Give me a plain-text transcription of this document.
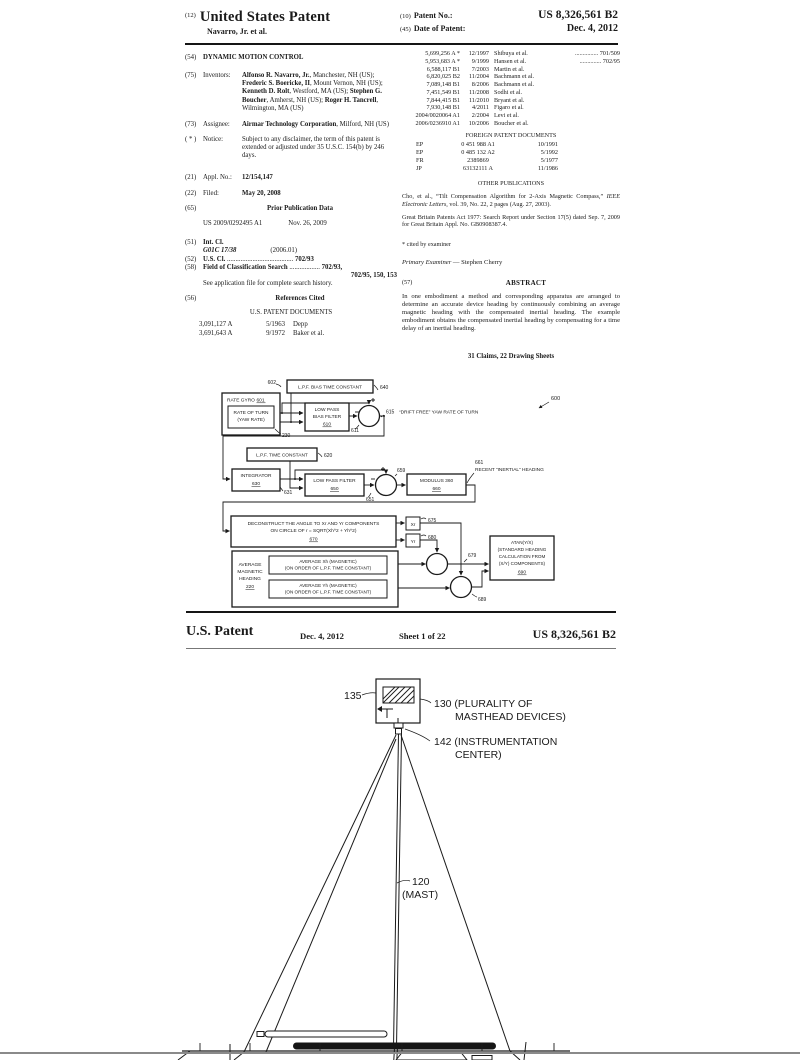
$^{(12)}$ United States Patent
Navarro, Jr. et al.
(10) Patent No.:	US 8,326,561 B2
(45) Date of Patent:	Dec. 4, 2012
(54) DYNAMIC MOTION CONTROL
(75) Inventors:	Alfonso R. Navarro, Jr., Manchester, NH (US); Frederic S. Boericke, II, Mount Vernon, NH (US); Kenneth D. Rolt, Westford, MA (US); Stephen G. Boucher, Amherst, NH (US); Roger H. Tancrell, Wilmington, MA (US)
(73) Assignee:	Airmar Technology Corporation, Milford, NH (US)
( * ) Notice:	Subject to any disclaimer, the term of this patent is extended or adjusted under 35 U.S.C. 154(b) by 246 days.
(21) Appl. No.:	12/154,147
(22) Filed:	May 20, 2008
(65)	Prior Publication Data
US 2009/0292495 A1	Nov. 26, 2009
(51) Int. Cl.
G01C 17/38	(2006.01)
(52) U.S. Cl. ....................................... 702/93
(58) Field of Classification Search .................. 702/93,
702/95, 150, 153
See application file for complete search history.
(56)	References Cited
U.S. PATENT DOCUMENTS
3,091,127 A	5/1963	Depp
3,691,643 A	9/1972	Baker et al.
5,699,256 A *	12/1997 Shibuya et al.	............... 701/509
5,953,683 A *	9/1999 Hansen et al.	.............. 702/95
6,588,117 B1	7/2003 Martin et al.
6,820,025 B2	11/2004 Bachmann et al.
7,089,148 B1	8/2006 Bachmann et al.
7,451,549 B1	11/2008 Sodhi et al.
7,844,415 B1	11/2010 Bryant et al.
7,930,148 B1	4/2011 Figaro et al.
2004/0020064 A1	2/2004 Levi et al.
2006/0236910 A1	10/2006 Boucher et al.
FOREIGN PATENT DOCUMENTS
EP	0 451 988 A1	10/1991
EP	0 485 132 A2	5/1992
FR	2389869	5/1977
JP	63132111 A	11/1986
OTHER PUBLICATIONS
Cho, et al., “Tilt Compensation Algorithm for 2-Axis Magnetic Compass,” IEEE Electronic Letters, vol. 39, No. 22, 2 pages (Aug. 27, 2003).
Great Britain Patents Act 1977: Search Report under Section 17(5) dated Sep. 7, 2009 for Great Britain Appl. No. GB0908387.4.
* cited by examiner
Primary Examiner — Stephen Cherry
(57)	ABSTRACT
In one embodiment a method and corresponding apparatus are arranged to determine an accurate device heading by continuously combining an average magnetic heading with the compensated inertial heading. The example embodiment obtains the compensated inertial heading by compensating for a time delay of an inertial heading.
31 Claims, 22 Drawing Sheets
L.P.F. BIAS TIME CONSTANT
602
640
RATE GYRO 601
RATE OF TURN
(YAW RATE)
230
LOW PASS
BIAS FILTER
610
611
615 “DRIFT FREE” YAW RATE OF TURN
600
L.P.F. TIME CONSTANT	620
INTEGRATOR
630
631
LOW PASS FILTER
650
651
659
MODULUS 360
660
661
RECENT “INERTIAL” HEADING
DECONSTRUCT THE ANGLE TO Xr AND Yr COMPONENTS
ON CIRCLE OF r = SQRT(Xh^2 + Yh^2)
670
Xr
675
Yr
680
AVERAGE
MAGNETIC
HEADING
220
AVERAGE Xh (MAGNETIC)
(ON ORDER OF L.P.F. TIME CONSTANT)
AVERAGE Yh (MAGNETIC)
(ON ORDER OF L.P.F. TIME CONSTANT)
679
689
ATAN(Y/X)
(STANDARD HEADING
CALCULATION FROM
(X/Y) COMPONENTS)
690
U.S. Patent	Dec. 4, 2012	Sheet 1 of 22	US 8,326,561 B2
135
130 (PLURALITY OF
MASTHEAD DEVICES)
142 (INSTRUMENTATION
CENTER)
120
(MAST)
